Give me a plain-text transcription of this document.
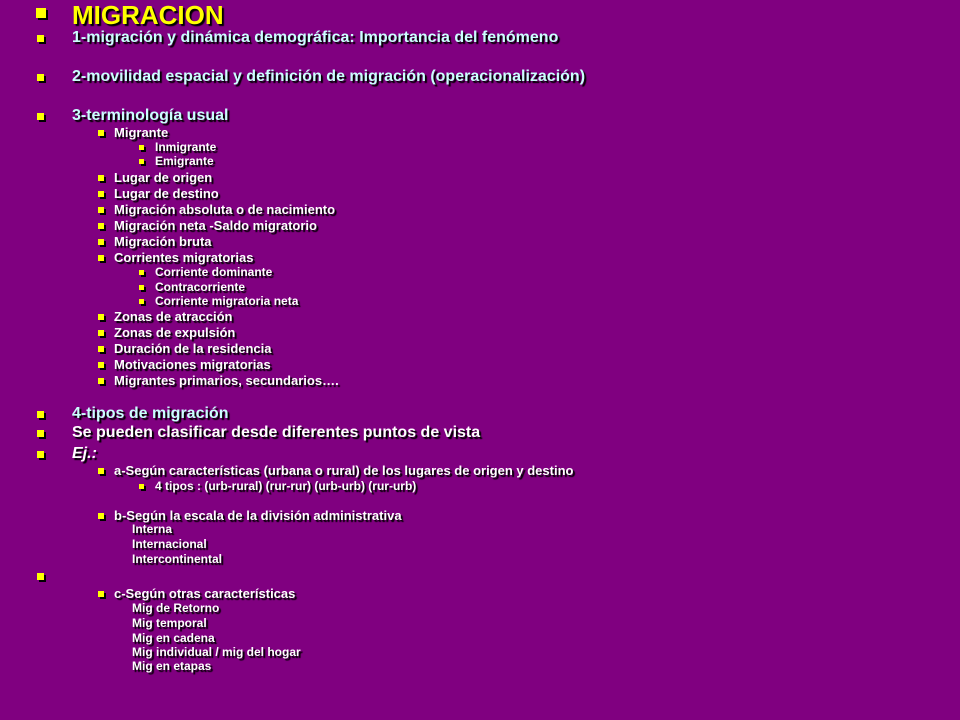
MIGRACION
1-migración y dinámica demográfica: Importancia del fenómeno
2-movilidad espacial y definición de migración (operacionalización)
3-terminología usual
Migrante
Inmigrante
Emigrante
Lugar de origen
Lugar de destino
Migración absoluta o de nacimiento
Migración neta -Saldo migratorio
Migración bruta
Corrientes migratorias
Corriente dominante
Contracorriente
Corriente migratoria neta
Zonas de atracción
Zonas de expulsión
Duración de la residencia
Motivaciones migratorias
Migrantes primarios, secundarios….
4-tipos de migración
Se pueden clasificar desde diferentes puntos de vista
Ej.:
a-Según características (urbana o rural) de los lugares de origen y destino
4 tipos : (urb-rural) (rur-rur) (urb-urb) (rur-urb)
b-Según la escala de la división administrativa
Interna
Internacional
Intercontinental
c-Según otras características
Mig de Retorno
Mig temporal
Mig en cadena
Mig individual / mig del hogar
Mig en etapas
